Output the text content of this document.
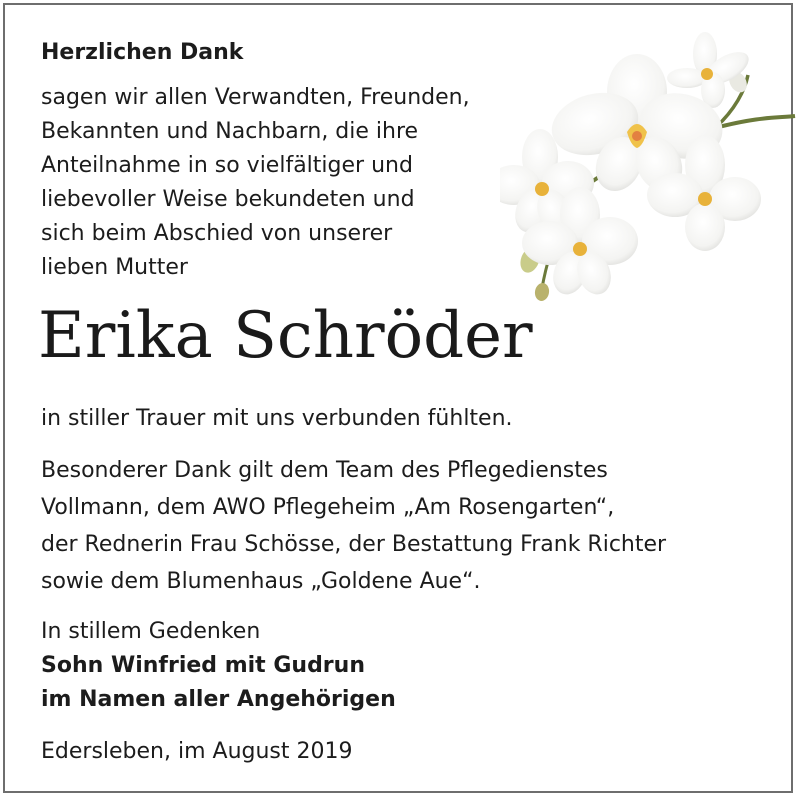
Herzlichen Dank
sagen wir allen Verwandten, Freunden,
Bekannten und Nachbarn, die ihre
Anteilnahme in so vielfältiger und
liebevoller Weise bekundeten und
sich beim Abschied von unserer
lieben Mutter
Erika Schröder
in stiller Trauer mit uns verbunden fühlten.
Besonderer Dank gilt dem Team des Pflegedienstes
Vollmann, dem AWO Pflegeheim „Am Rosengarten“,
der Rednerin Frau Schösse, der Bestattung Frank Richter
sowie dem Blumenhaus „Goldene Aue“.
In stillem Gedenken
Sohn Winfried mit Gudrun
im Namen aller Angehörigen
Edersleben, im August 2019
